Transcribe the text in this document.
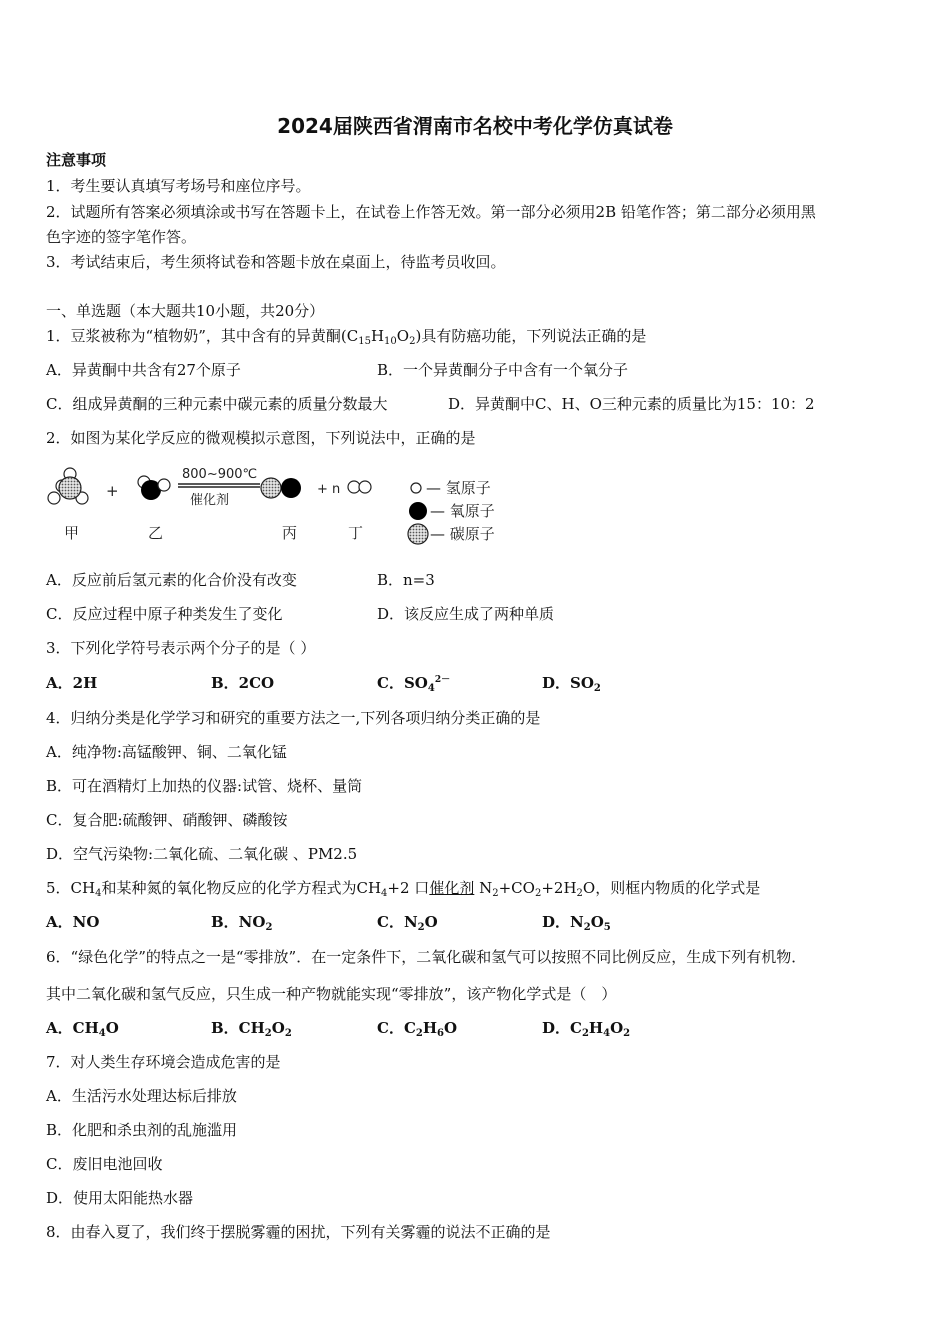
2024届陕西省渭南市名校中考化学仿真试卷
注意事项
1．考生要认真填写考场号和座位序号。
2．试题所有答案必须填涂或书写在答题卡上，在试卷上作答无效。第一部分必须用2B 铅笔作答；第二部分必须用黑
色字迹的签字笔作答。
3．考试结束后，考生须将试卷和答题卡放在桌面上，待监考员收回。
一、单选题（本大题共10小题，共20分）
1．豆浆被称为“植物奶”，其中含有的异黄酮$(C_{15}H_{10}O_2)$具有防癌功能，下列说法正确的是
A．异黄酮中共含有27个原子	B．一个异黄酮分子中含有一个氧分子
C．组成异黄酮的三种元素中碳元素的质量分数最大	D．异黄酮中C、H、O三种元素的质量比为15：10：2
2．如图为某化学反应的微观模拟示意图，下列说法中，正确的是
+
800~900℃
催化剂
+ n
甲	乙	丙	丁
— 氢原子
— 氧原子
— 碳原子
A．反应前后氢元素的化合价没有改变	B．n=3
C．反应过程中原子种类发生了变化	D．该反应生成了两种单质
3．下列化学符号表示两个分子的是（ ）
A．2H	B．2CO	C．$SO_4^{2-}$	D．$SO_2$
4．归纳分类是化学学习和研究的重要方法之一,下列各项归纳分类正确的是
A．纯净物:高锰酸钾、铜、二氧化锰
B．可在酒精灯上加热的仪器:试管、烧杯、量筒
C．复合肥:硫酸钾、硝酸钾、磷酸铵
D．空气污染物:二氧化硫、二氧化碳 、PM2.5
5．$CH_4$和某种氮的氧化物反应的化学方程式为$CH_4+2$ 口催化剂 $N_2+CO_2+2H_2O$，则框内物质的化学式是
A．NO	B．$NO_2$	C．$N_2O$	D．$N_2O_5$
6．“绿色化学”的特点之一是“零排放”．在一定条件下，二氧化碳和氢气可以按照不同比例反应，生成下列有机物．
其中二氧化碳和氢气反应，只生成一种产物就能实现“零排放”，该产物化学式是（　）
A．$CH_4O$	B．$CH_2O_2$	C．$C_2H_6O$	D．$C_2H_4O_2$
7．对人类生存环境会造成危害的是
A．生活污水处理达标后排放
B．化肥和杀虫剂的乱施滥用
C．废旧电池回收
D．使用太阳能热水器
8．由春入夏了，我们终于摆脱雾霾的困扰，下列有关雾霾的说法不正确的是
